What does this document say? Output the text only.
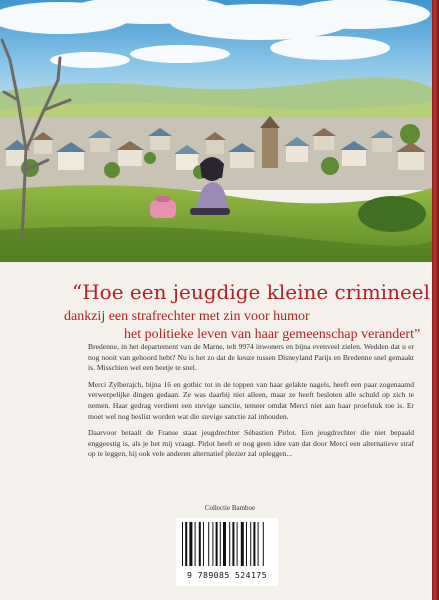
“Hoe een jeugdige kleine crimineel
dankzij een strafrechter met zin voor humor
het politieke leven van haar gemeenschap verandert”

Bredenne, in het departement van de Marne, telt 9974 inwoners en bijna evenveel zielen. Wedden dat u er nog nooit van gehoord hebt? Nu is het zo dat de keuze tussen Disneyland Parijs en Bredenne snel gemaakt is. Misschien wel een beetje te snel.

Merci Zylberajch, bijna 16 en gothic tot in de toppen van haar gelakte nagels, heeft een paar zogenaamd verwerpelijke dingen gedaan. Ze was daarbij niet alleen, maar ze heeft besloten alle schuld op zich te nemen. Haar gedrag verdient een stevige sanctie, temeer omdat Merci niet aan haar proefstuk toe is. Er moet wel nog beslist worden wat die stevige sanctie zal inhouden.

Daarvoor betaalt de Franse staat jeugdrechter Sébastien Pirlot. Een jeugdrechter die niet bepaald enggeestig is, als je het mij vraagt. Pirlot heeft er nog geen idee van dat door Merci een alternatieve straf op te leggen, hij ook vele anderen alternatief plezier zal opleggen...

Collectie Bamboe
9 789085 524175
